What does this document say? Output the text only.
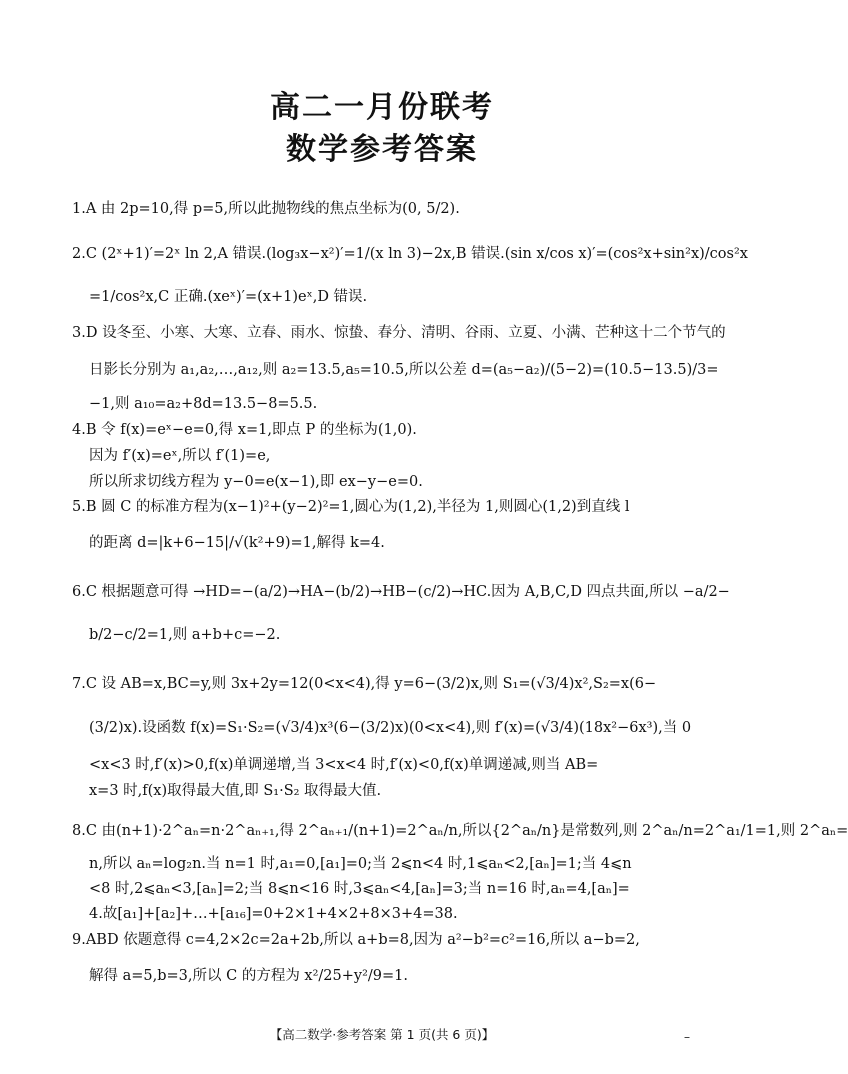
高二一月份联考
数学参考答案
1.A 由 2p=10,得 p=5,所以此抛物线的焦点坐标为(0, 5/2).
2.C (2ˣ+1)′=2ˣ ln 2,A 错误.(log₃x−x²)′=1/(x ln 3)−2x,B 错误.(sin x/cos x)′=(cos²x+sin²x)/cos²x
=1/cos²x,C 正确.(xeˣ)′=(x+1)eˣ,D 错误.
3.D 设冬至、小寒、大寒、立春、雨水、惊蛰、春分、清明、谷雨、立夏、小满、芒种这十二个节气的
日影长分别为 a₁,a₂,…,a₁₂,则 a₂=13.5,a₅=10.5,所以公差 d=(a₅−a₂)/(5−2)=(10.5−13.5)/3=
−1,则 a₁₀=a₂+8d=13.5−8=5.5.
4.B 令 f(x)=eˣ−e=0,得 x=1,即点 P 的坐标为(1,0).
因为 f′(x)=eˣ,所以 f′(1)=e,
所以所求切线方程为 y−0=e(x−1),即 ex−y−e=0.
5.B 圆 C 的标准方程为(x−1)²+(y−2)²=1,圆心为(1,2),半径为 1,则圆心(1,2)到直线 l
的距离 d=|k+6−15|/√(k²+9)=1,解得 k=4.
6.C 根据题意可得 →HD=−(a/2)→HA−(b/2)→HB−(c/2)→HC.因为 A,B,C,D 四点共面,所以 −a/2−
b/2−c/2=1,则 a+b+c=−2.
7.C 设 AB=x,BC=y,则 3x+2y=12(0<x<4),得 y=6−(3/2)x,则 S₁=(√3/4)x²,S₂=x(6−
(3/2)x).设函数 f(x)=S₁·S₂=(√3/4)x³(6−(3/2)x)(0<x<4),则 f′(x)=(√3/4)(18x²−6x³),当 0
<x<3 时,f′(x)>0,f(x)单调递增,当 3<x<4 时,f′(x)<0,f(x)单调递减,则当 AB=
x=3 时,f(x)取得最大值,即 S₁·S₂ 取得最大值.
8.C 由(n+1)·2^aₙ=n·2^aₙ₊₁,得 2^aₙ₊₁/(n+1)=2^aₙ/n,所以{2^aₙ/n}是常数列,则 2^aₙ/n=2^a₁/1=1,则 2^aₙ=
n,所以 aₙ=log₂n.当 n=1 时,a₁=0,[a₁]=0;当 2⩽n<4 时,1⩽aₙ<2,[aₙ]=1;当 4⩽n
<8 时,2⩽aₙ<3,[aₙ]=2;当 8⩽n<16 时,3⩽aₙ<4,[aₙ]=3;当 n=16 时,aₙ=4,[aₙ]=
4.故[a₁]+[a₂]+…+[a₁₆]=0+2×1+4×2+8×3+4=38.
9.ABD 依题意得 c=4,2×2c=2a+2b,所以 a+b=8,因为 a²−b²=c²=16,所以 a−b=2,
解得 a=5,b=3,所以 C 的方程为 x²/25+y²/9=1.
【高二数学·参考答案 第 1 页(共 6 页)】	–
